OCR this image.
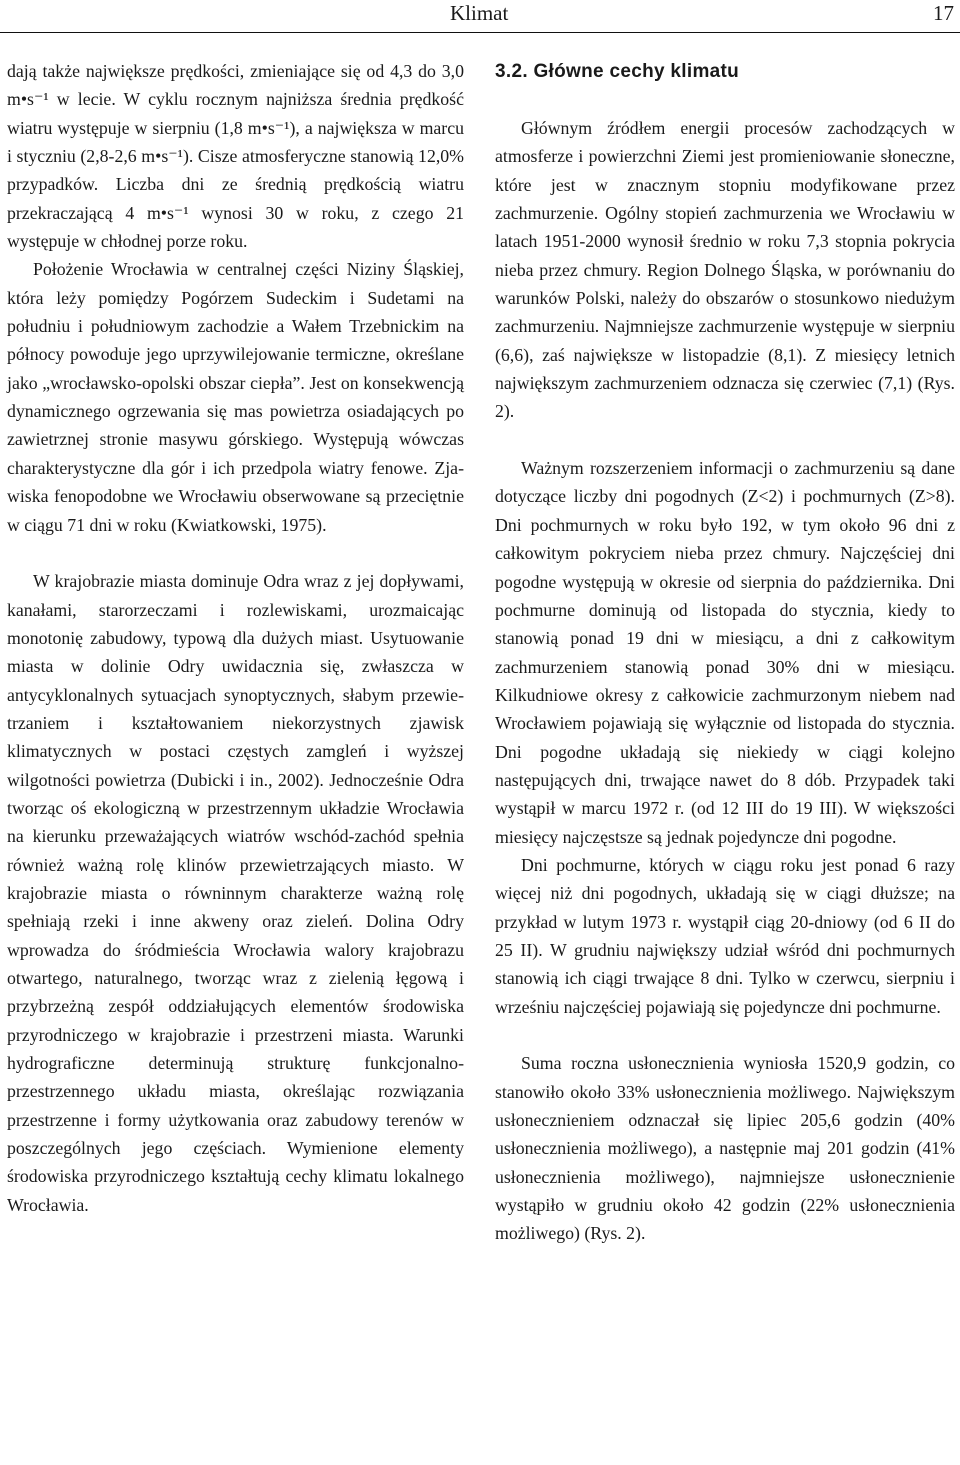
Klimat	17

dają także największe prędkości, zmieniające się od 4,3 do 3,0 m•s⁻¹ w lecie. W cyklu rocznym najniższa średnia prędkość wiatru występuje w sierpniu (1,8 m•s⁻¹), a największa w marcu i styczniu (2,8-2,6 m•s⁻¹). Cisze atmosferyczne stanowią 12,0% przypadków. Liczba dni ze średnią prędkością wiatru przekraczającą 4 m•s⁻¹ wynosi 30 w roku, z czego 21 występuje w chłodnej porze roku.

Położenie Wrocławia w centralnej części Niziny Śląskiej, która leży pomiędzy Pogórzem Sudeckim i Sudetami na południu i południowym zachodzie a Wałem Trzebnickim na północy powoduje jego uprzywilejowanie termiczne, określane jako „wrocławsko-opolski obszar ciepła”. Jest on konsekwencją dynamicznego ogrzewania się mas powietrza osiadających po zawietrznej stronie masywu górskiego. Występują wówczas charakterystyczne dla gór i ich przedpola wiatry fenowe. Zjawiska fenopodobne we Wrocławiu obserwowane są przeciętnie w ciągu 71 dni w roku (Kwiatkowski, 1975).

W krajobrazie miasta dominuje Odra wraz z jej dopływami, kanałami, starorzeczami i rozlewiskami, urozmaicając monotonię zabudowy, typową dla dużych miast. Usytuowanie miasta w dolinie Odry uwidacznia się, zwłaszcza w antycyklonalnych sytuacjach synoptycznych, słabym przewietrzaniem i kształtowaniem niekorzystnych zjawisk klimatycznych w postaci częstych zamgleń i wyższej wilgotności powietrza (Dubicki i in., 2002). Jednocześnie Odra tworząc oś ekologiczną w przestrzennym układzie Wrocławia na kierunku przeważających wiatrów wschód-zachód spełnia również ważną rolę klinów przewietrzających miasto. W krajobrazie miasta o równinnym charakterze ważną rolę spełniają rzeki i inne akweny oraz zieleń. Dolina Odry wprowadza do śródmieścia Wrocławia walory krajobrazu otwartego, naturalnego, tworząc wraz z zielenią łęgową i przybrzeżną zespół oddziałujących elementów środowiska przyrodniczego w krajobrazie i przestrzeni miasta. Warunki hydrograficzne determinują strukturę funkcjonalno-przestrzennego układu miasta, określając rozwiązania przestrzenne i formy użytkowania oraz zabudowy terenów w poszczególnych jego częściach. Wymienione elementy środowiska przyrodniczego kształtują cechy klimatu lokalnego Wrocławia.

3.2. Główne cechy klimatu

Głównym źródłem energii procesów zachodzących w atmosferze i powierzchni Ziemi jest promieniowanie słoneczne, które jest w znacznym stopniu modyfikowane przez zachmurzenie. Ogólny stopień zachmurzenia we Wrocławiu w latach 1951-2000 wynosił średnio w roku 7,3 stopnia pokrycia nieba przez chmury. Region Dolnego Śląska, w porównaniu do warunków Polski, należy do obszarów o stosunkowo niedużym zachmurzeniu. Najmniejsze zachmurzenie występuje w sierpniu (6,6), zaś największe w listopadzie (8,1). Z miesięcy letnich największym zachmurzeniem odznacza się czerwiec (7,1) (Rys. 2).

Ważnym rozszerzeniem informacji o zachmurzeniu są dane dotyczące liczby dni pogodnych (Z<2) i pochmurnych (Z>8). Dni pochmurnych w roku było 192, w tym około 96 dni z całkowitym pokryciem nieba przez chmury. Najczęściej dni pogodne występują w okresie od sierpnia do października. Dni pochmurne dominują od listopada do stycznia, kiedy to stanowią ponad 19 dni w miesiącu, a dni z całkowitym zachmurzeniem stanowią ponad 30% dni w miesiącu. Kilkudniowe okresy z całkowicie zachmurzonym niebem nad Wrocławiem pojawiają się wyłącznie od listopada do stycznia. Dni pogodne układają się niekiedy w ciągi kolejno następujących dni, trwające nawet do 8 dób. Przypadek taki wystąpił w marcu 1972 r. (od 12 III do 19 III). W większości miesięcy najczęstsze są jednak pojedyncze dni pogodne.

Dni pochmurne, których w ciągu roku jest ponad 6 razy więcej niż dni pogodnych, układają się w ciągi dłuższe; na przykład w lutym 1973 r. wystąpił ciąg 20-dniowy (od 6 II do 25 II). W grudniu największy udział wśród dni pochmurnych stanowią ich ciągi trwające 8 dni. Tylko w czerwcu, sierpniu i wrześniu najczęściej pojawiają się pojedyncze dni pochmurne.

Suma roczna usłonecznienia wyniosła 1520,9 godzin, co stanowiło około 33% usłonecznienia możliwego. Największym usłonecznieniem odznaczał się lipiec 205,6 godzin (40% usłonecznienia możliwego), a następnie maj 201 godzin (41% usłonecznienia możliwego), najmniejsze usłonecznienie wystąpiło w grudniu około 42 godzin (22% usłonecznienia możliwego) (Rys. 2).
